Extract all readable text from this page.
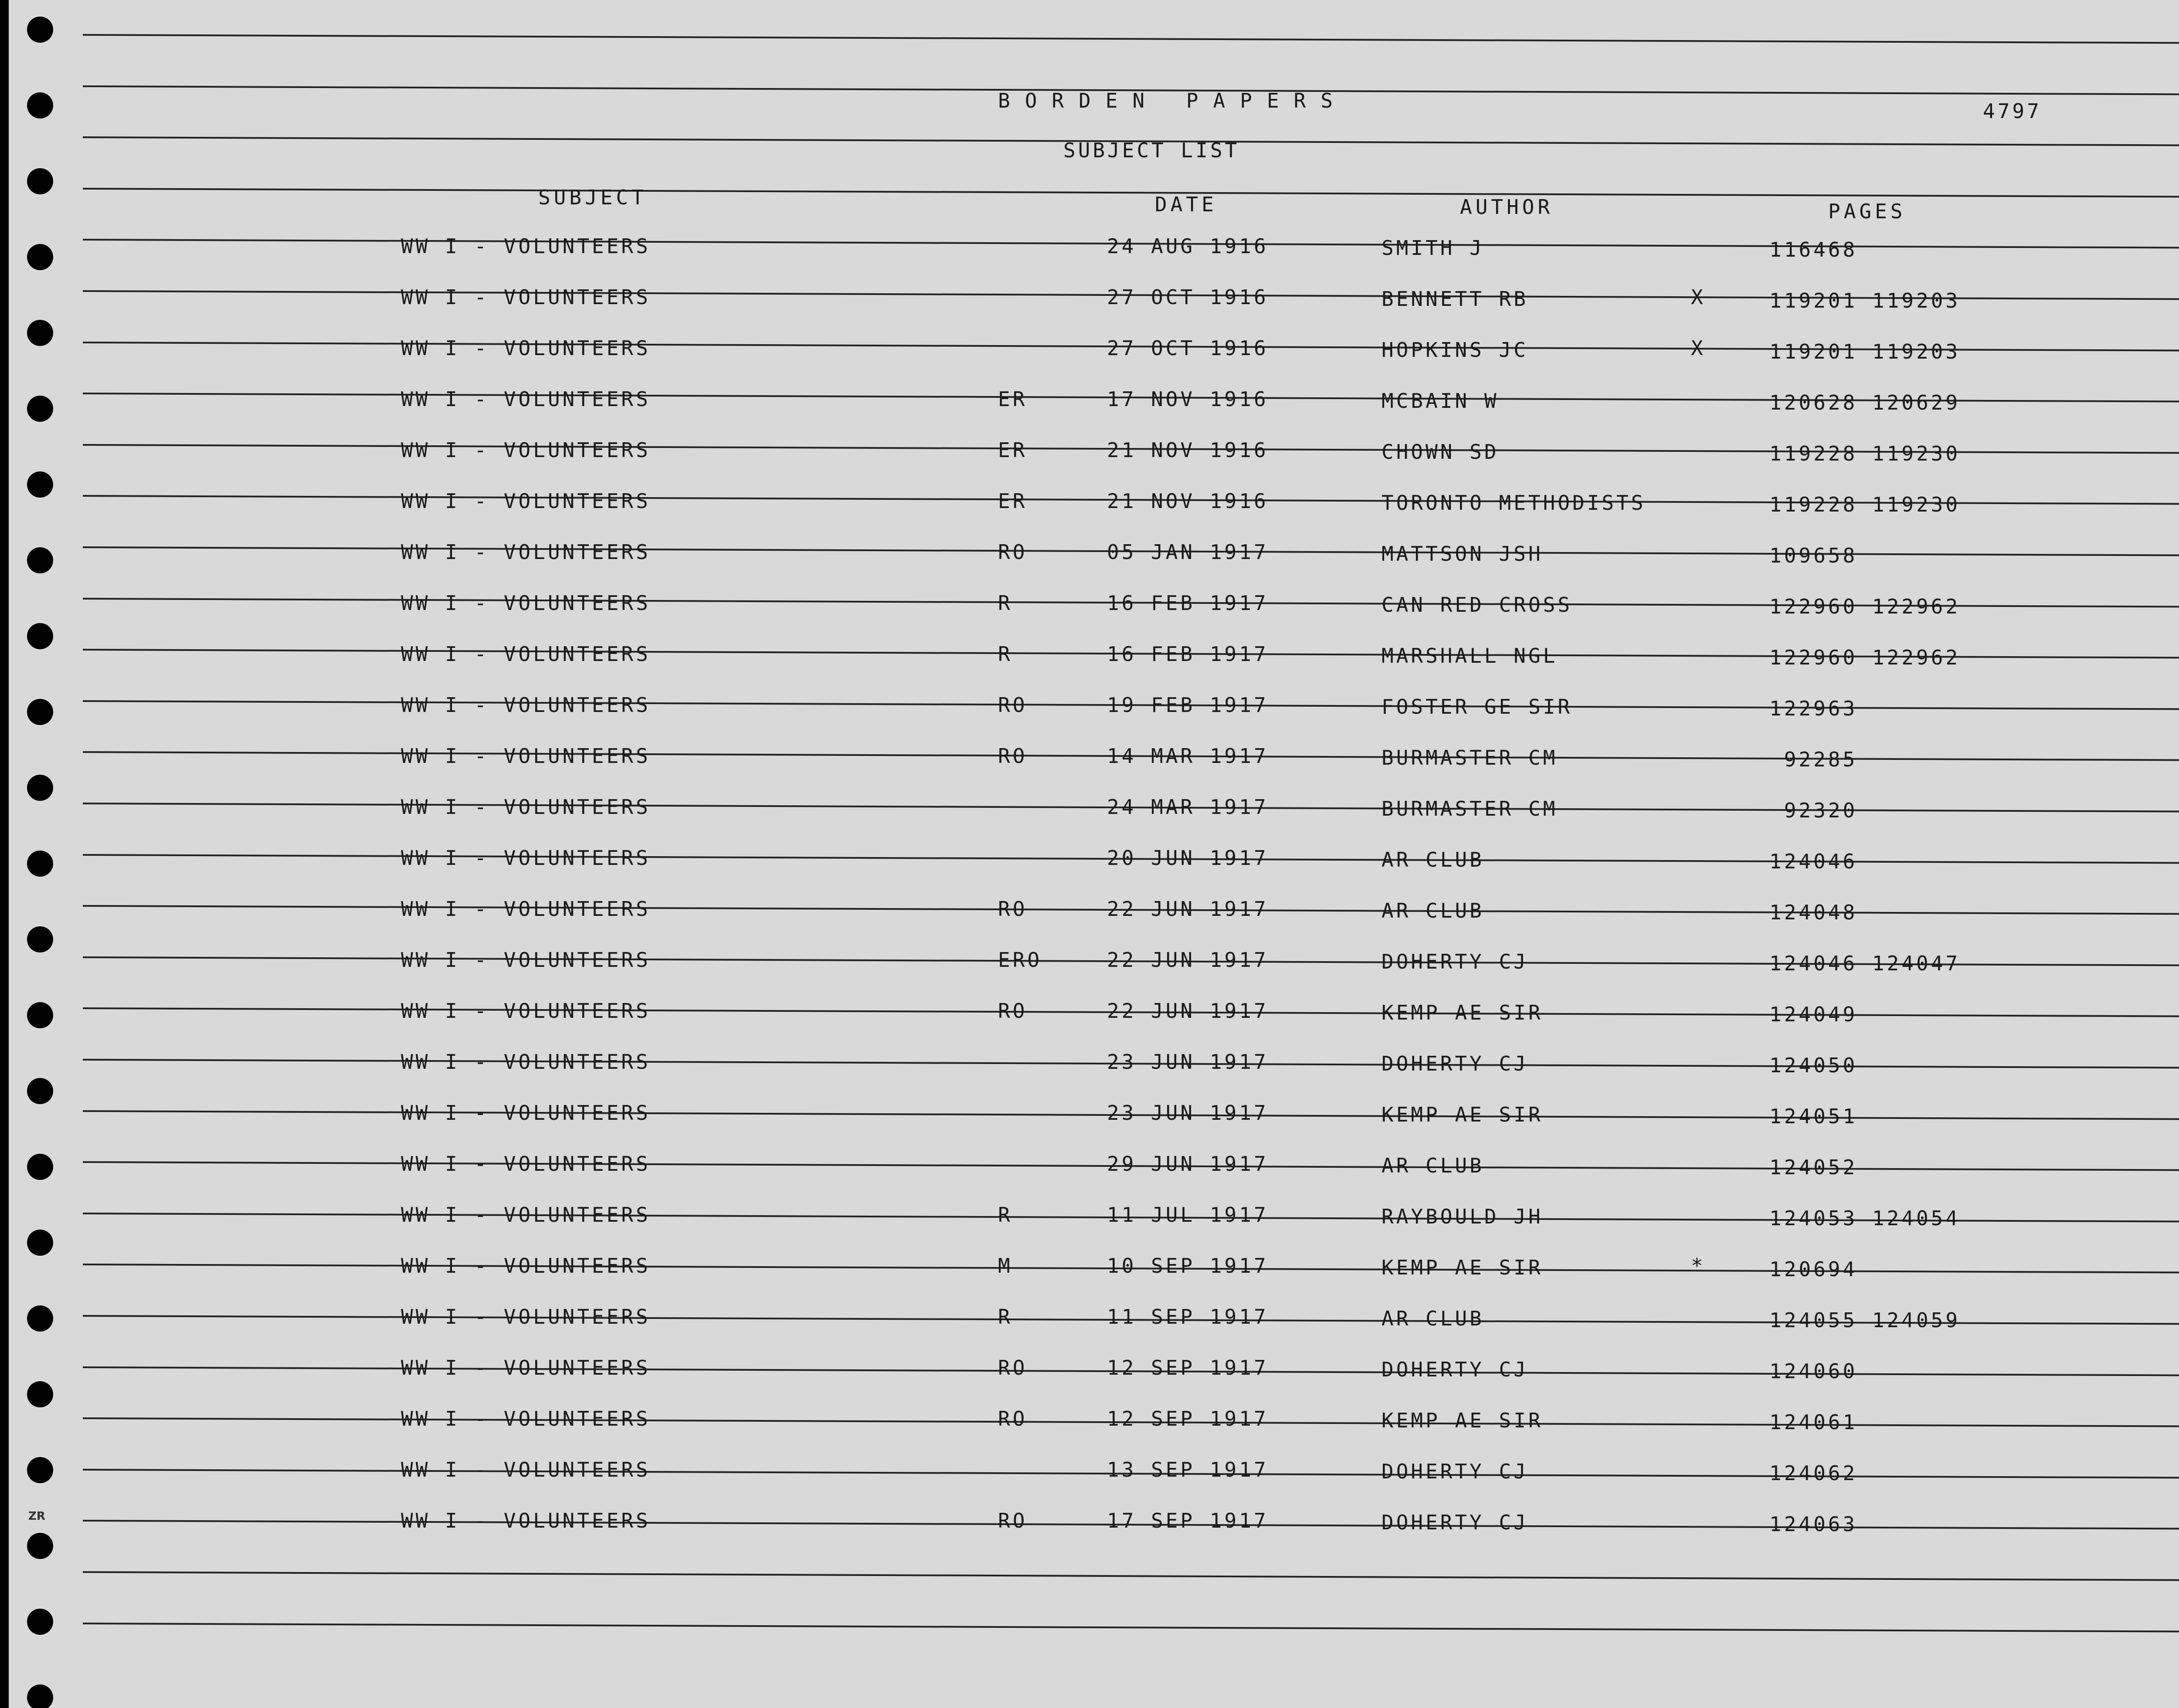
BORDEN PAPERS	4797
SUBJECT LIST
SUBJECT	DATE	AUTHOR	PAGES
WW I - VOLUNTEERS	24 AUG 1916	SMITH J	116468
WW I - VOLUNTEERS	27 OCT 1916	BENNETT RB	X	119201 119203
WW I - VOLUNTEERS	27 OCT 1916	HOPKINS JC	X	119201 119203
WW I - VOLUNTEERS	ER	17 NOV 1916	MCBAIN W	120628 120629
WW I - VOLUNTEERS	ER	21 NOV 1916	CHOWN SD	119228 119230
WW I - VOLUNTEERS	ER	21 NOV 1916	TORONTO METHODISTS	119228 119230
WW I - VOLUNTEERS	RO	05 JAN 1917	MATTSON JSH	109658
WW I - VOLUNTEERS	R	16 FEB 1917	CAN RED CROSS	122960 122962
WW I - VOLUNTEERS	R	16 FEB 1917	MARSHALL NGL	122960 122962
WW I - VOLUNTEERS	RO	19 FEB 1917	FOSTER GE SIR	122963
WW I - VOLUNTEERS	RO	14 MAR 1917	BURMASTER CM	92285
WW I - VOLUNTEERS	24 MAR 1917	BURMASTER CM	92320
WW I - VOLUNTEERS	20 JUN 1917	AR CLUB	124046
WW I - VOLUNTEERS	RO	22 JUN 1917	AR CLUB	124048
WW I - VOLUNTEERS	ERO	22 JUN 1917	DOHERTY CJ	124046 124047
WW I - VOLUNTEERS	RO	22 JUN 1917	KEMP AE SIR	124049
WW I - VOLUNTEERS	23 JUN 1917	DOHERTY CJ	124050
WW I - VOLUNTEERS	23 JUN 1917	KEMP AE SIR	124051
WW I - VOLUNTEERS	29 JUN 1917	AR CLUB	124052
WW I - VOLUNTEERS	R	11 JUL 1917	RAYBOULD JH	124053 124054
WW I - VOLUNTEERS	M	10 SEP 1917	KEMP AE SIR	*	120694
WW I - VOLUNTEERS	R	11 SEP 1917	AR CLUB	124055 124059
WW I - VOLUNTEERS	RO	12 SEP 1917	DOHERTY CJ	124060
WW I - VOLUNTEERS	RO	12 SEP 1917	KEMP AE SIR	124061
WW I - VOLUNTEERS	13 SEP 1917	DOHERTY CJ	124062
WW I - VOLUNTEERS	RO	17 SEP 1917	DOHERTY CJ	124063
ZR
